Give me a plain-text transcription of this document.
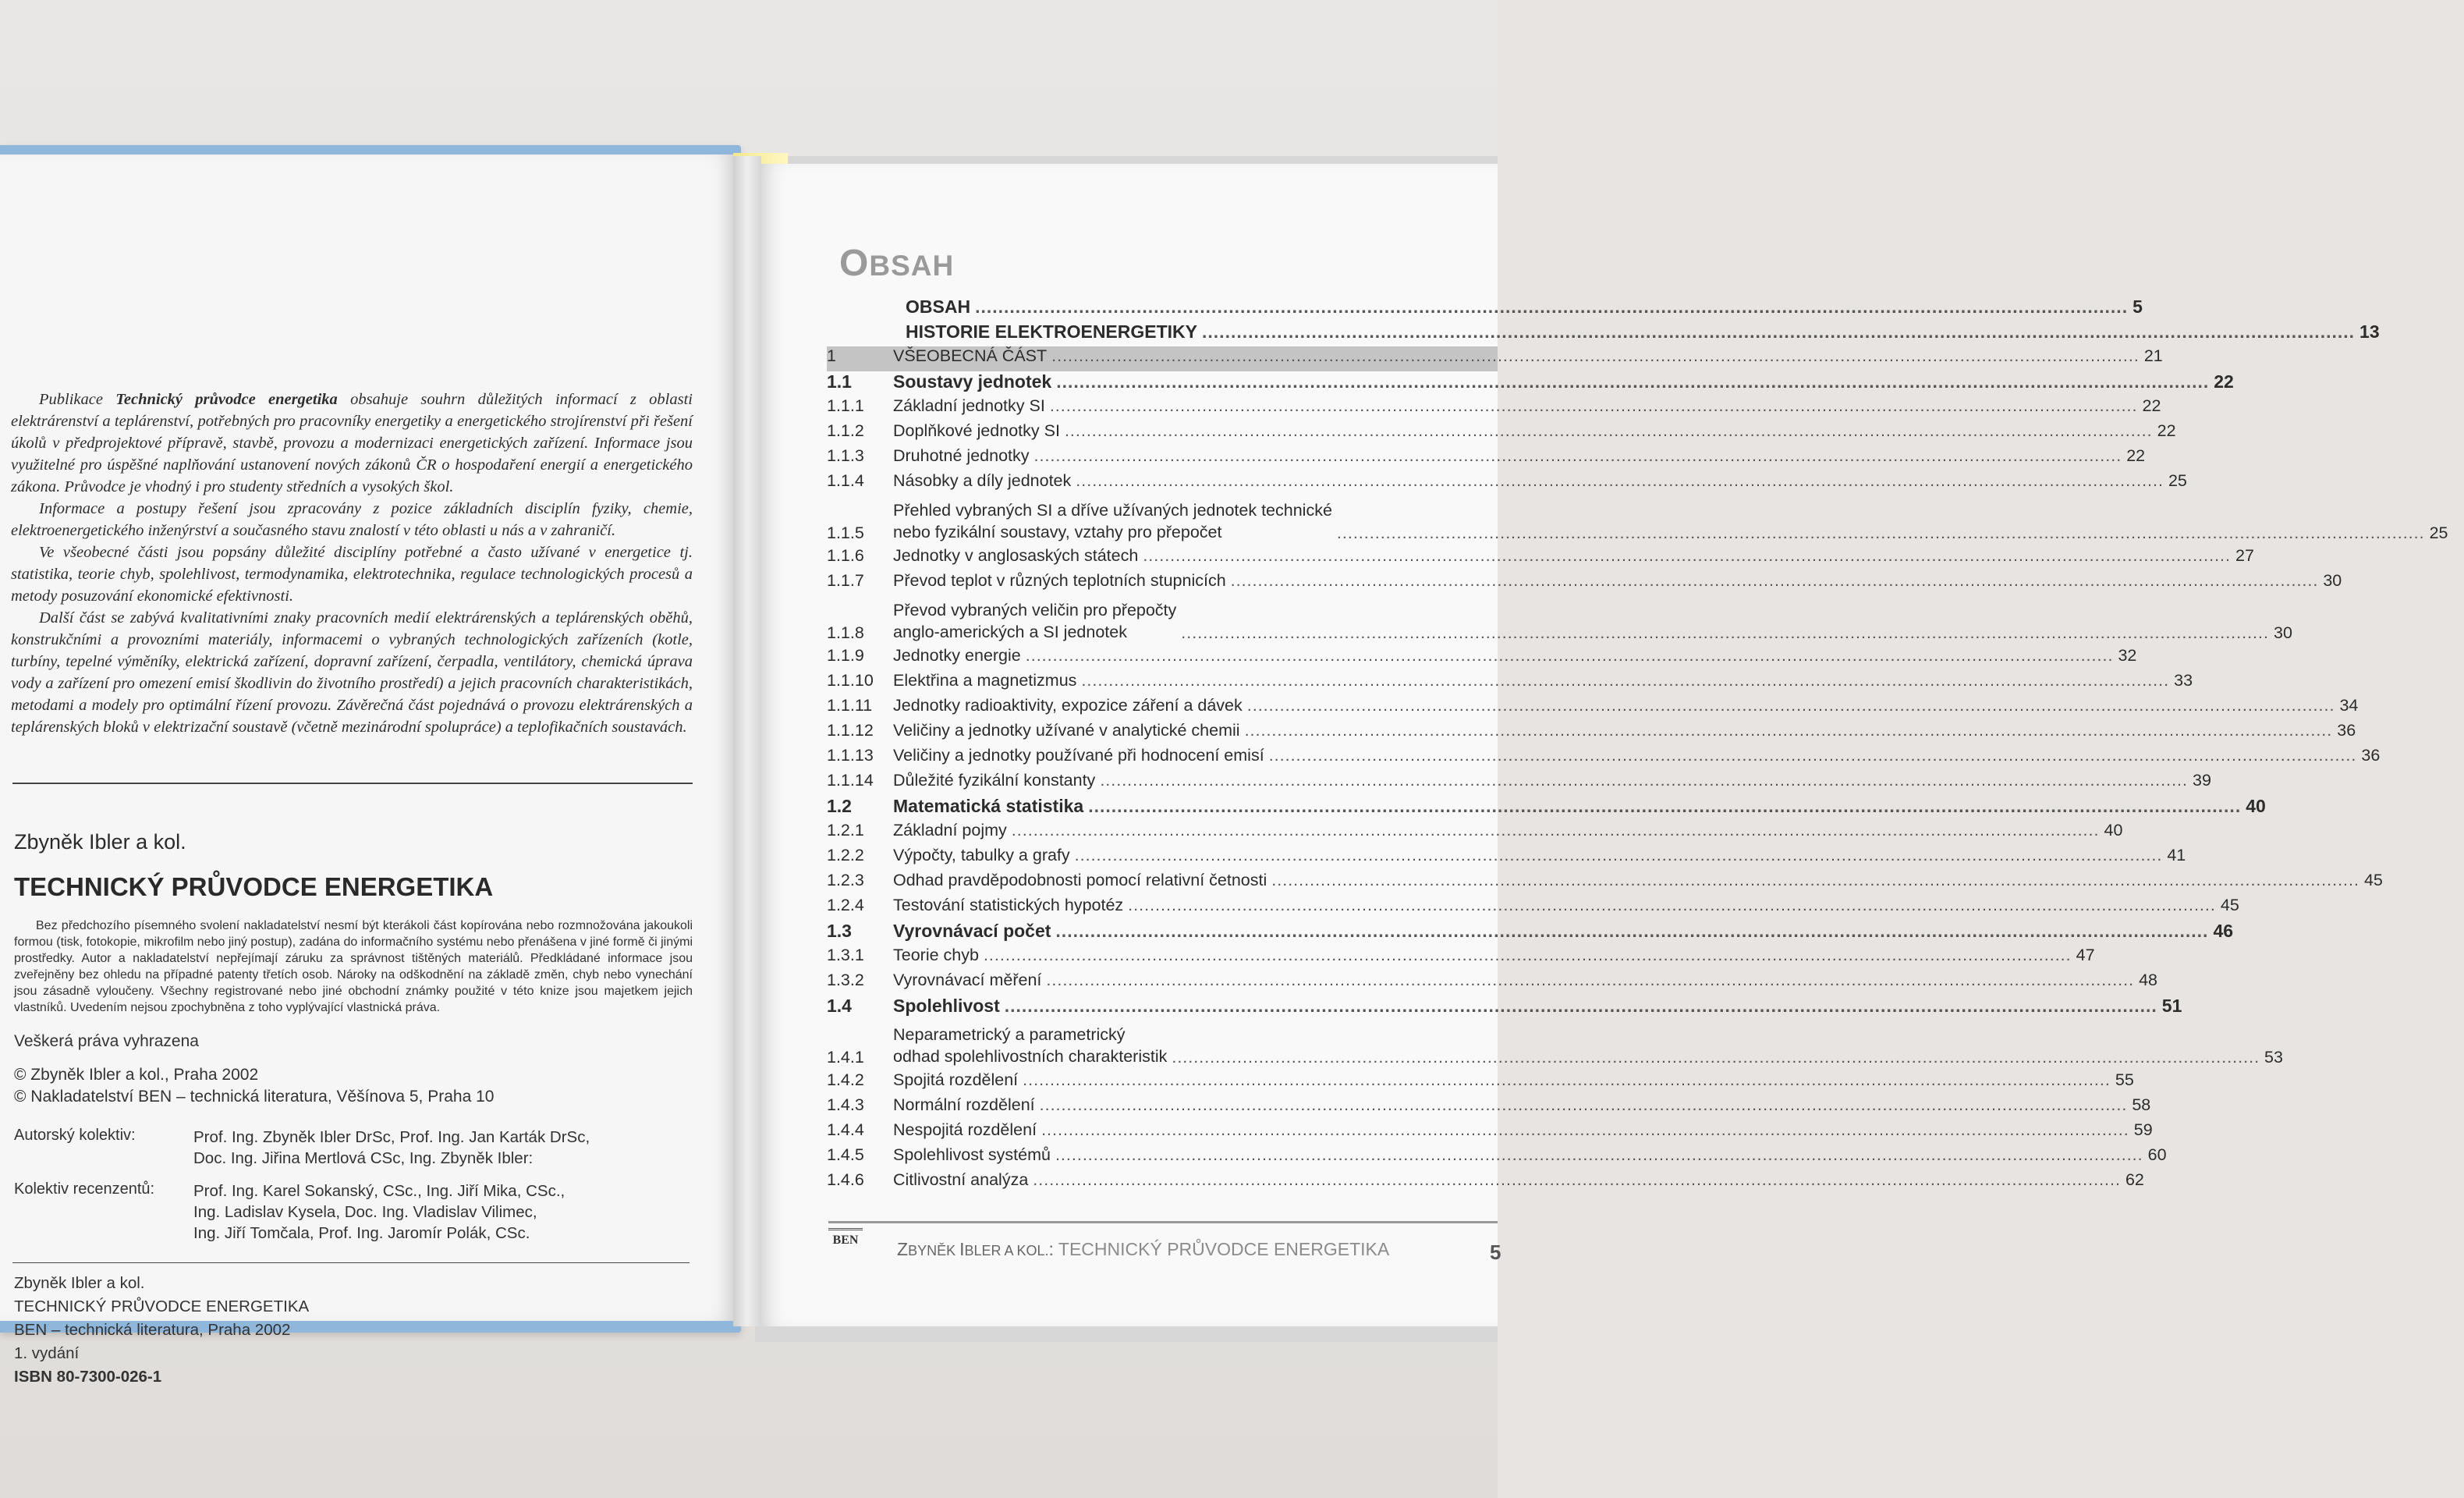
Publikace Technický průvodce energetika obsahuje souhrn důležitých informací z oblasti elektrárenství a teplárenství, potřebných pro pracovníky energetiky a energetického strojírenství při řešení úkolů v předprojektové přípravě, stavbě, provozu a modernizaci energetických zařízení. Informace jsou využitelné pro úspěšné naplňování ustanovení nových zákonů ČR o hospodaření energií a energetického zákona. Průvodce je vhodný i pro studenty středních a vysokých škol.

Informace a postupy řešení jsou zpracovány z pozice základních disciplín fyziky, chemie, elektroenergetického inženýrství a současného stavu znalostí v této oblasti u nás a v zahraničí.

Ve všeobecné části jsou popsány důležité disciplíny potřebné a často užívané v energetice tj. statistika, teorie chyb, spolehlivost, termodynamika, elektrotechnika, regulace technologických procesů a metody posuzování ekonomické efektivnosti.

Další část se zabývá kvalitativními znaky pracovních medií elektrárenských a teplárenských oběhů, konstrukčními a provozními materiály, informacemi o vybraných technologických zařízeních (kotle, turbíny, tepelné výměníky, elektrická zařízení, dopravní zařízení, čerpadla, ventilátory, chemická úprava vody a zařízení pro omezení emisí škodlivin do životního prostředí) a jejich pracovních charakteristikách, metodami a modely pro optimální řízení provozu. Závěrečná část pojednává o provozu elektrárenských a teplárenských bloků v elektrizační soustavě (včetně mezinárodní spolupráce) a teplofikačních soustavách.

Zbyněk Ibler a kol.
TECHNICKÝ PRŮVODCE ENERGETIKA
Bez předchozího písemného svolení nakladatelství nesmí být kterákoli část kopírována nebo rozmnožována jakoukoli formou (tisk, fotokopie, mikrofilm nebo jiný postup), zadána do informačního systému nebo přenášena v jiné formě či jinými prostředky. Autor a nakladatelství nepřejímají záruku za správnost tištěných materiálů. Předkládané informace jsou zveřejněny bez ohledu na případné patenty třetích osob. Nároky na odškodnění na základě změn, chyb nebo vynechání jsou zásadně vyloučeny. Všechny registrované nebo jiné obchodní známky použité v této knize jsou majetkem jejich vlastníků. Uvedením nejsou zpochybněna z toho vyplývající vlastnická práva.
Veškerá práva vyhrazena
© Zbyněk Ibler a kol., Praha 2002
© Nakladatelství BEN – technická literatura, Věšínova 5, Praha 10
Autorský kolektiv:	Prof. Ing. Zbyněk Ibler DrSc, Prof. Ing. Jan Karták DrSc,
Doc. Ing. Jiřina Mertlová CSc, Ing. Zbyněk Ibler:
Kolektiv recenzentů: Prof. Ing. Karel Sokanský, CSc., Ing. Jiří Mika, CSc.,
Ing. Ladislav Kysela, Doc. Ing. Vladislav Vilimec,
Ing. Jiří Tomčala, Prof. Ing. Jaromír Polák, CSc.
Zbyněk Ibler a kol.
TECHNICKÝ PRŮVODCE ENERGETIKA
BEN – technická literatura, Praha 2002
1. vydání
ISBN 80-7300-026-1
OBSAH
OBSAH ........................................................................................................................................................................................................ 5
HISTORIE ELEKTROENERGETIKY ........................................................................................................................................................................................................ 13
1	VŠEOBECNÁ ČÁST ........................................................................................................................................................................................................ 21
1.1	Soustavy jednotek ........................................................................................................................................................................................................ 22
1.1.1	Základní jednotky SI ........................................................................................................................................................................................................ 22
1.1.2	Doplňkové jednotky SI ........................................................................................................................................................................................................ 22
1.1.3	Druhotné jednotky ........................................................................................................................................................................................................ 22
1.1.4	Násobky a díly jednotek ........................................................................................................................................................................................................ 25
1.1.5
Přehled vybraných SI a dříve užívaných jednotek technické
nebo fyzikální soustavy, vztahy pro přepočet	........................................................................................................................................................................................................ 25
1.1.6	Jednotky v anglosaských státech ........................................................................................................................................................................................................ 27
1.1.7	Převod teplot v různých teplotních stupnicích ........................................................................................................................................................................................................ 30
1.1.8
Převod vybraných veličin pro přepočty
anglo-amerických a SI jednotek	........................................................................................................................................................................................................ 30
1.1.9	Jednotky energie ........................................................................................................................................................................................................ 32
1.1.10	Elektřina a magnetizmus ........................................................................................................................................................................................................ 33
1.1.11	Jednotky radioaktivity, expozice záření a dávek ........................................................................................................................................................................................................ 34
1.1.12	Veličiny a jednotky užívané v analytické chemii ........................................................................................................................................................................................................ 36
1.1.13	Veličiny a jednotky používané při hodnocení emisí ........................................................................................................................................................................................................ 36
1.1.14	Důležité fyzikální konstanty ........................................................................................................................................................................................................ 39
1.2	Matematická statistika ........................................................................................................................................................................................................ 40
1.2.1	Základní pojmy ........................................................................................................................................................................................................ 40
1.2.2	Výpočty, tabulky a grafy ........................................................................................................................................................................................................ 41
1.2.3	Odhad pravděpodobnosti pomocí relativní četnosti ........................................................................................................................................................................................................ 45
1.2.4	Testování statistických hypotéz ........................................................................................................................................................................................................ 45
1.3	Vyrovnávací počet ........................................................................................................................................................................................................ 46
1.3.1	Teorie chyb ........................................................................................................................................................................................................ 47
1.3.2	Vyrovnávací měření ........................................................................................................................................................................................................ 48
1.4	Spolehlivost ........................................................................................................................................................................................................ 51
1.4.1
Neparametrický a parametrický
odhad spolehlivostních charakteristik ........................................................................................................................................................................................................ 53
1.4.2	Spojitá rozdělení ........................................................................................................................................................................................................ 55
1.4.3	Normální rozdělení ........................................................................................................................................................................................................ 58
1.4.4	Nespojitá rozdělení ........................................................................................................................................................................................................ 59
1.4.5	Spolehlivost systémů ........................................................................................................................................................................................................ 60
1.4.6	Citlivostní analýza ........................................................................................................................................................................................................ 62
BEN ZBYNĚK IBLER A KOL.: TECHNICKÝ PRŮVODCE ENERGETIKA	5
